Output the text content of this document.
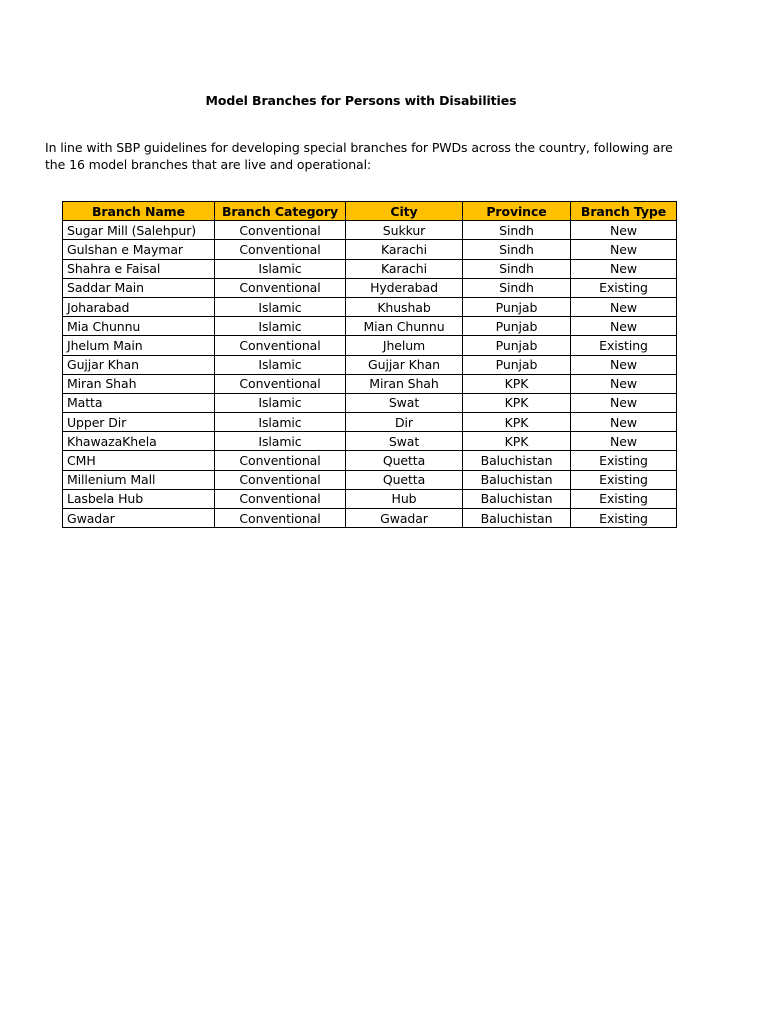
Model Branches for Persons with Disabilities
In line with SBP guidelines for developing special branches for PWDs across the country, following are the 16 model branches that are live and operational:
Branch Name	Branch Category	City	Province	Branch Type
Sugar Mill (Salehpur)	Conventional	Sukkur	Sindh	New
Gulshan e Maymar	Conventional	Karachi	Sindh	New
Shahra e Faisal	Islamic	Karachi	Sindh	New
Saddar Main	Conventional	Hyderabad	Sindh	Existing
Joharabad	Islamic	Khushab	Punjab	New
Mia Chunnu	Islamic	Mian Chunnu	Punjab	New
Jhelum Main	Conventional	Jhelum	Punjab	Existing
Gujjar Khan	Islamic	Gujjar Khan	Punjab	New
Miran Shah	Conventional	Miran Shah	KPK	New
Matta	Islamic	Swat	KPK	New
Upper Dir	Islamic	Dir	KPK	New
KhawazaKhela	Islamic	Swat	KPK	New
CMH	Conventional	Quetta	Baluchistan	Existing
Millenium Mall	Conventional	Quetta	Baluchistan	Existing
Lasbela Hub	Conventional	Hub	Baluchistan	Existing
Gwadar	Conventional	Gwadar	Baluchistan	Existing
